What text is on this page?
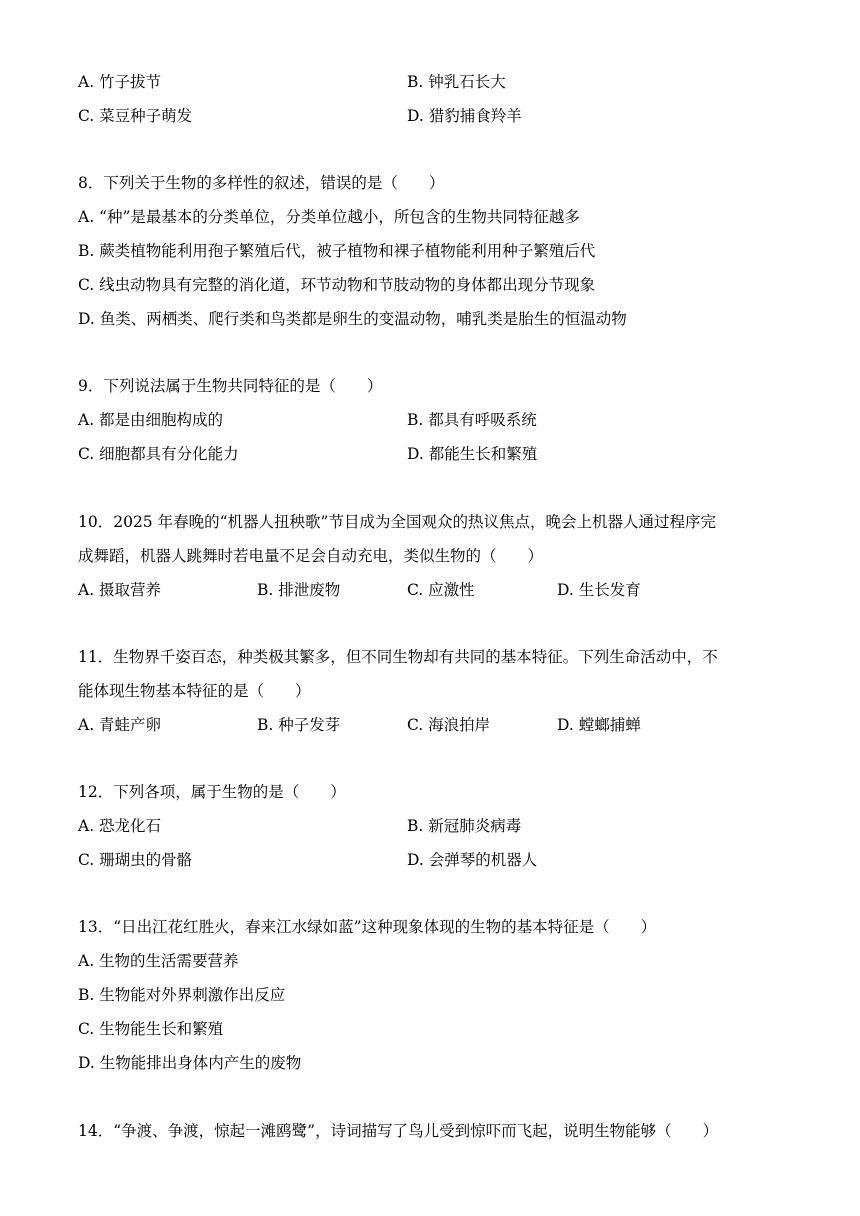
A. 竹子拔节	B. 钟乳石长大
C. 菜豆种子萌发	D. 猎豹捕食羚羊
8．下列关于生物的多样性的叙述，错误的是（　　）
A. “种”是最基本的分类单位，分类单位越小，所包含的生物共同特征越多
B. 蕨类植物能利用孢子繁殖后代，被子植物和裸子植物能利用种子繁殖后代
C. 线虫动物具有完整的消化道，环节动物和节肢动物的身体都出现分节现象
D. 鱼类、两栖类、爬行类和鸟类都是卵生的变温动物，哺乳类是胎生的恒温动物
9．下列说法属于生物共同特征的是（　　）
A. 都是由细胞构成的	B. 都具有呼吸系统
C. 细胞都具有分化能力	D. 都能生长和繁殖
10．2025 年春晚的“机器人扭秧歌”节目成为全国观众的热议焦点，晚会上机器人通过程序完
成舞蹈，机器人跳舞时若电量不足会自动充电，类似生物的（　　）
A. 摄取营养	B. 排泄废物	C. 应激性	D. 生长发育
11．生物界千姿百态，种类极其繁多，但不同生物却有共同的基本特征。下列生命活动中，不
能体现生物基本特征的是（　　）
A. 青蛙产卵	B. 种子发芽	C. 海浪拍岸	D. 螳螂捕蝉
12．下列各项，属于生物的是（　　）
A. 恐龙化石	B. 新冠肺炎病毒
C. 珊瑚虫的骨骼	D. 会弹琴的机器人
13．“日出江花红胜火，春来江水绿如蓝”这种现象体现的生物的基本特征是（　　）
A. 生物的生活需要营养
B. 生物能对外界刺激作出反应
C. 生物能生长和繁殖
D. 生物能排出身体内产生的废物
14．“争渡、争渡，惊起一滩鸥鹭”，诗词描写了鸟儿受到惊吓而飞起，说明生物能够（　　）
